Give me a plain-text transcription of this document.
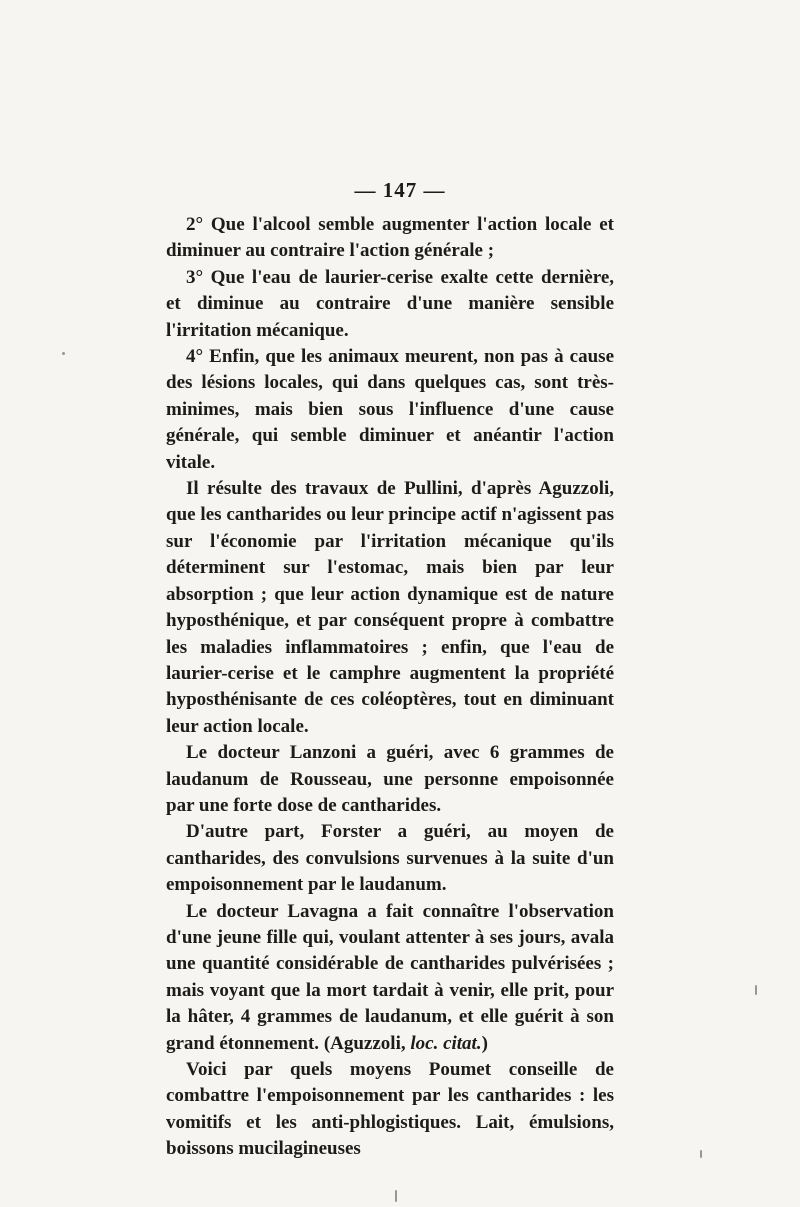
— 147 —

2° Que l'alcool semble augmenter l'action locale et diminuer au contraire l'action générale ;

3° Que l'eau de laurier-cerise exalte cette dernière, et diminue au contraire d'une manière sensible l'irritation mécanique.

4° Enfin, que les animaux meurent, non pas à cause des lésions locales, qui dans quelques cas, sont très-minimes, mais bien sous l'influence d'une cause générale, qui semble diminuer et anéantir l'action vitale.

Il résulte des travaux de Pullini, d'après Aguzzoli, que les cantharides ou leur principe actif n'agissent pas sur l'économie par l'irritation mécanique qu'ils déterminent sur l'estomac, mais bien par leur absorption ; que leur action dynamique est de nature hyposthénique, et par conséquent propre à combattre les maladies inflammatoires ; enfin, que l'eau de laurier-cerise et le camphre augmentent la propriété hyposthénisante de ces coléoptères, tout en diminuant leur action locale.

Le docteur Lanzoni a guéri, avec 6 grammes de laudanum de Rousseau, une personne empoisonnée par une forte dose de cantharides.

D'autre part, Forster a guéri, au moyen de cantharides, des convulsions survenues à la suite d'un empoisonnement par le laudanum.

Le docteur Lavagna a fait connaître l'observation d'une jeune fille qui, voulant attenter à ses jours, avala une quantité considérable de cantharides pulvérisées ; mais voyant que la mort tardait à venir, elle prit, pour la hâter, 4 grammes de laudanum, et elle guérit à son grand étonnement. (Aguzzoli, loc. citat.)

Voici par quels moyens Poumet conseille de combattre l'empoisonnement par les cantharides : les vomitifs et les anti-phlogistiques. Lait, émulsions, boissons mucilagineuses
